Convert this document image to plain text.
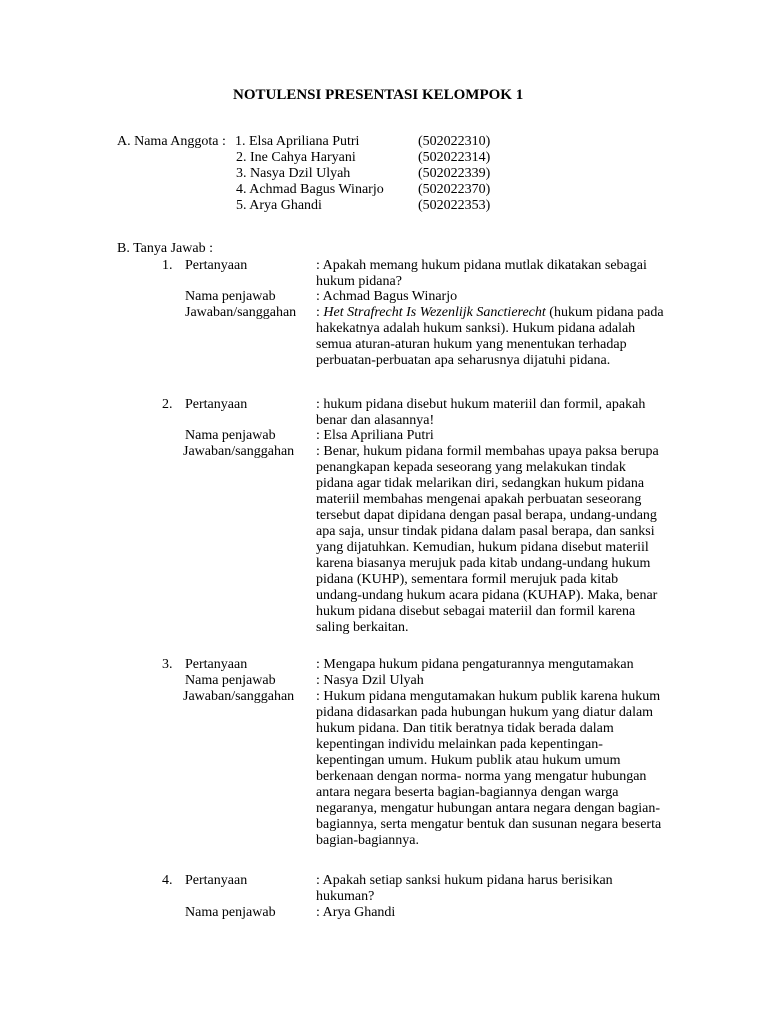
NOTULENSI PRESENTASI KELOMPOK 1
A. Nama Anggota : 1. Elsa Apriliana Putri	(502022310)
2. Ine Cahya Haryani	(502022314)
3. Nasya Dzil Ulyah	(502022339)
4. Achmad Bagus Winarjo (502022370)
5. Arya Ghandi	(502022353)
B. Tanya Jawab :
1. Pertanyaan	: Apakah memang hukum pidana mutlak dikatakan sebagai
hukum pidana?
Nama penjawab	: Achmad Bagus Winarjo
Jawaban/sanggahan : Het Strafrecht Is Wezenlijk Sanctierecht (hukum pidana pada
hakekatnya adalah hukum sanksi). Hukum pidana adalah
semua aturan-aturan hukum yang menentukan terhadap
perbuatan-perbuatan apa seharusnya dijatuhi pidana.
2. Pertanyaan	: hukum pidana disebut hukum materiil dan formil, apakah
benar dan alasannya!
Nama penjawab	: Elsa Apriliana Putri
Jawaban/sanggahan : Benar, hukum pidana formil membahas upaya paksa berupa
penangkapan kepada seseorang yang melakukan tindak
pidana agar tidak melarikan diri, sedangkan hukum pidana
materiil membahas mengenai apakah perbuatan seseorang
tersebut dapat dipidana dengan pasal berapa, undang-undang
apa saja, unsur tindak pidana dalam pasal berapa, dan sanksi
yang dijatuhkan. Kemudian, hukum pidana disebut materiil
karena biasanya merujuk pada kitab undang-undang hukum
pidana (KUHP), sementara formil merujuk pada kitab
undang-undang hukum acara pidana (KUHAP). Maka, benar
hukum pidana disebut sebagai materiil dan formil karena
saling berkaitan.
3. Pertanyaan	: Mengapa hukum pidana pengaturannya mengutamakan
Nama penjawab	: Nasya Dzil Ulyah
Jawaban/sanggahan : Hukum pidana mengutamakan hukum publik karena hukum
pidana didasarkan pada hubungan hukum yang diatur dalam
hukum pidana. Dan titik beratnya tidak berada dalam
kepentingan individu melainkan pada kepentingan-
kepentingan umum. Hukum publik atau hukum umum
berkenaan dengan norma- norma yang mengatur hubungan
antara negara beserta bagian-bagiannya dengan warga
negaranya, mengatur hubungan antara negara dengan bagian-
bagiannya, serta mengatur bentuk dan susunan negara beserta
bagian-bagiannya.
4. Pertanyaan	: Apakah setiap sanksi hukum pidana harus berisikan
hukuman?
Nama penjawab	: Arya Ghandi
